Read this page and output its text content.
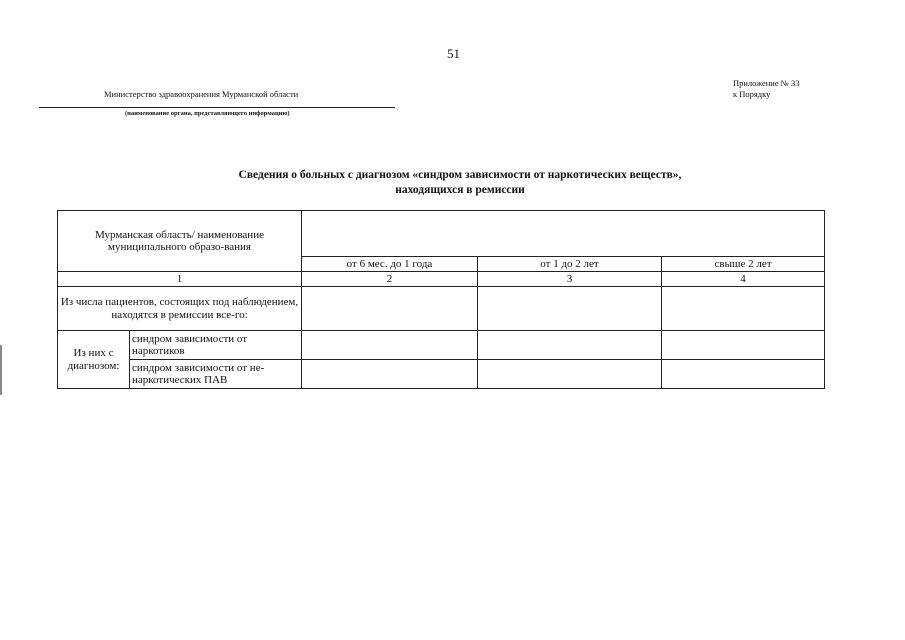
51
Министерство здравоохранения Мурманской области
(наименование органа, представляющего информацию)
Приложение № 33
к Порядку
Сведения о больных с диагнозом «синдром зависимости от наркотических веществ»,
находящихся в ремиссии
Мурманская область/ наименование муниципального образо-вания				
		от 6 мес. до 1 года	от 1 до 2 лет	свыше 2 лет
1		2	3	4
Из числа пациентов, состоящих под наблюдением, находятся в ремиссии все-го:				
Из них с диагнозом:	синдром зависимости от наркотиков			
	синдром зависимости от не-наркотических ПАВ			
